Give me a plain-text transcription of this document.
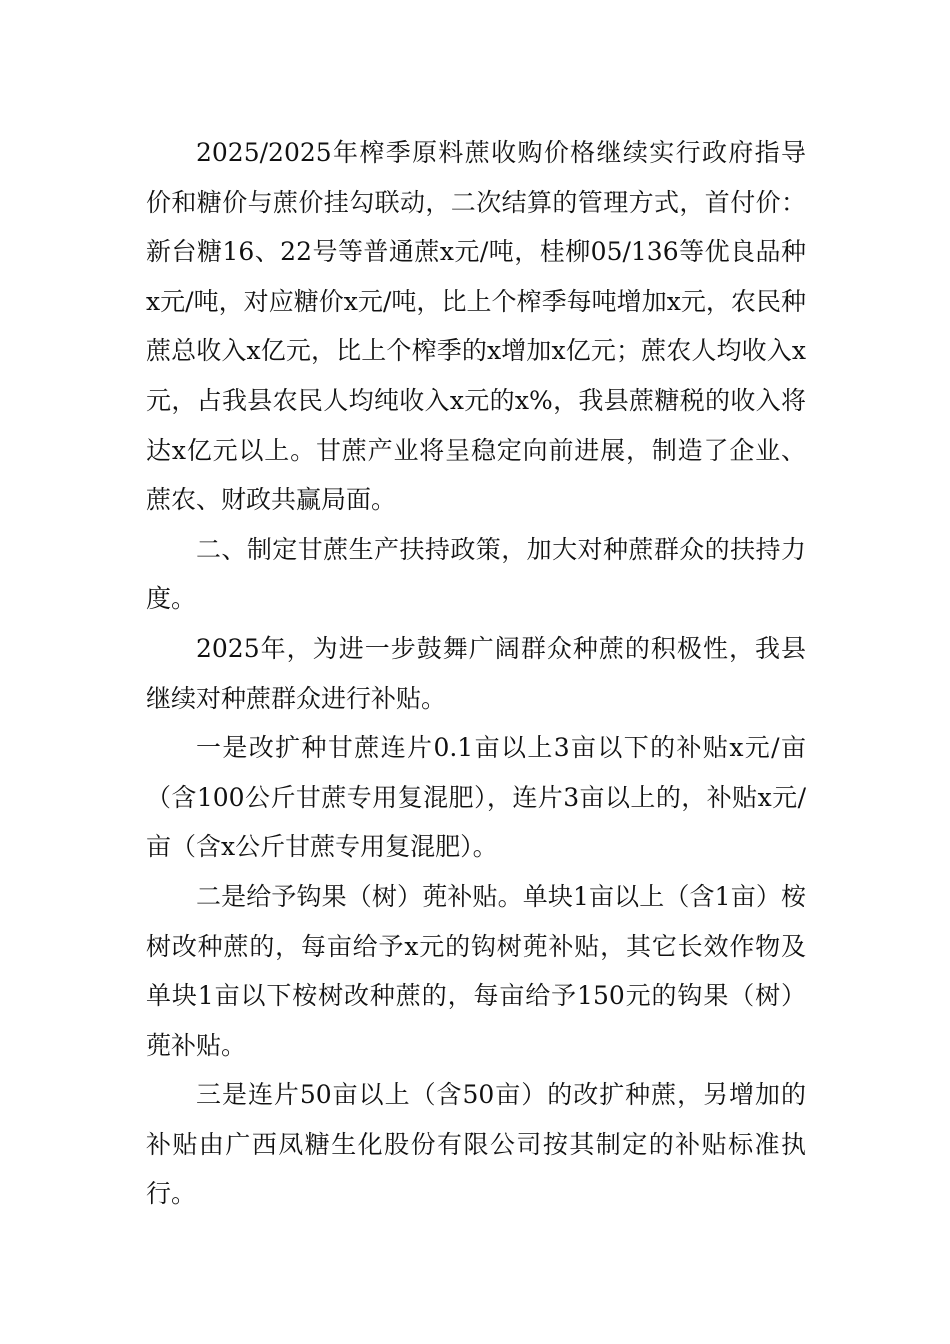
2025/2025年榨季原料蔗收购价格继续实行政府指导价和糖价与蔗价挂勾联动，二次结算的管理方式，首付价：新台糖16、22号等普通蔗x元/吨，桂柳05/136等优良品种x元/吨，对应糖价x元/吨，比上个榨季每吨增加x元，农民种蔗总收入x亿元，比上个榨季的x增加x亿元；蔗农人均收入x元，占我县农民人均纯收入x元的x%，我县蔗糖税的收入将达x亿元以上。甘蔗产业将呈稳定向前进展，制造了企业、蔗农、财政共赢局面。

二、制定甘蔗生产扶持政策，加大对种蔗群众的扶持力度。

2025年，为进一步鼓舞广阔群众种蔗的积极性，我县继续对种蔗群众进行补贴。

一是改扩种甘蔗连片0.1亩以上3亩以下的补贴x元/亩（含100公斤甘蔗专用复混肥），连片3亩以上的，补贴x元/亩（含x公斤甘蔗专用复混肥）。

二是给予钩果（树）蔸补贴。单块1亩以上（含1亩）桉树改种蔗的，每亩给予x元的钩树蔸补贴，其它长效作物及单块1亩以下桉树改种蔗的，每亩给予150元的钩果（树）蔸补贴。

三是连片50亩以上（含50亩）的改扩种蔗，另增加的补贴由广西凤糖生化股份有限公司按其制定的补贴标准执行。
